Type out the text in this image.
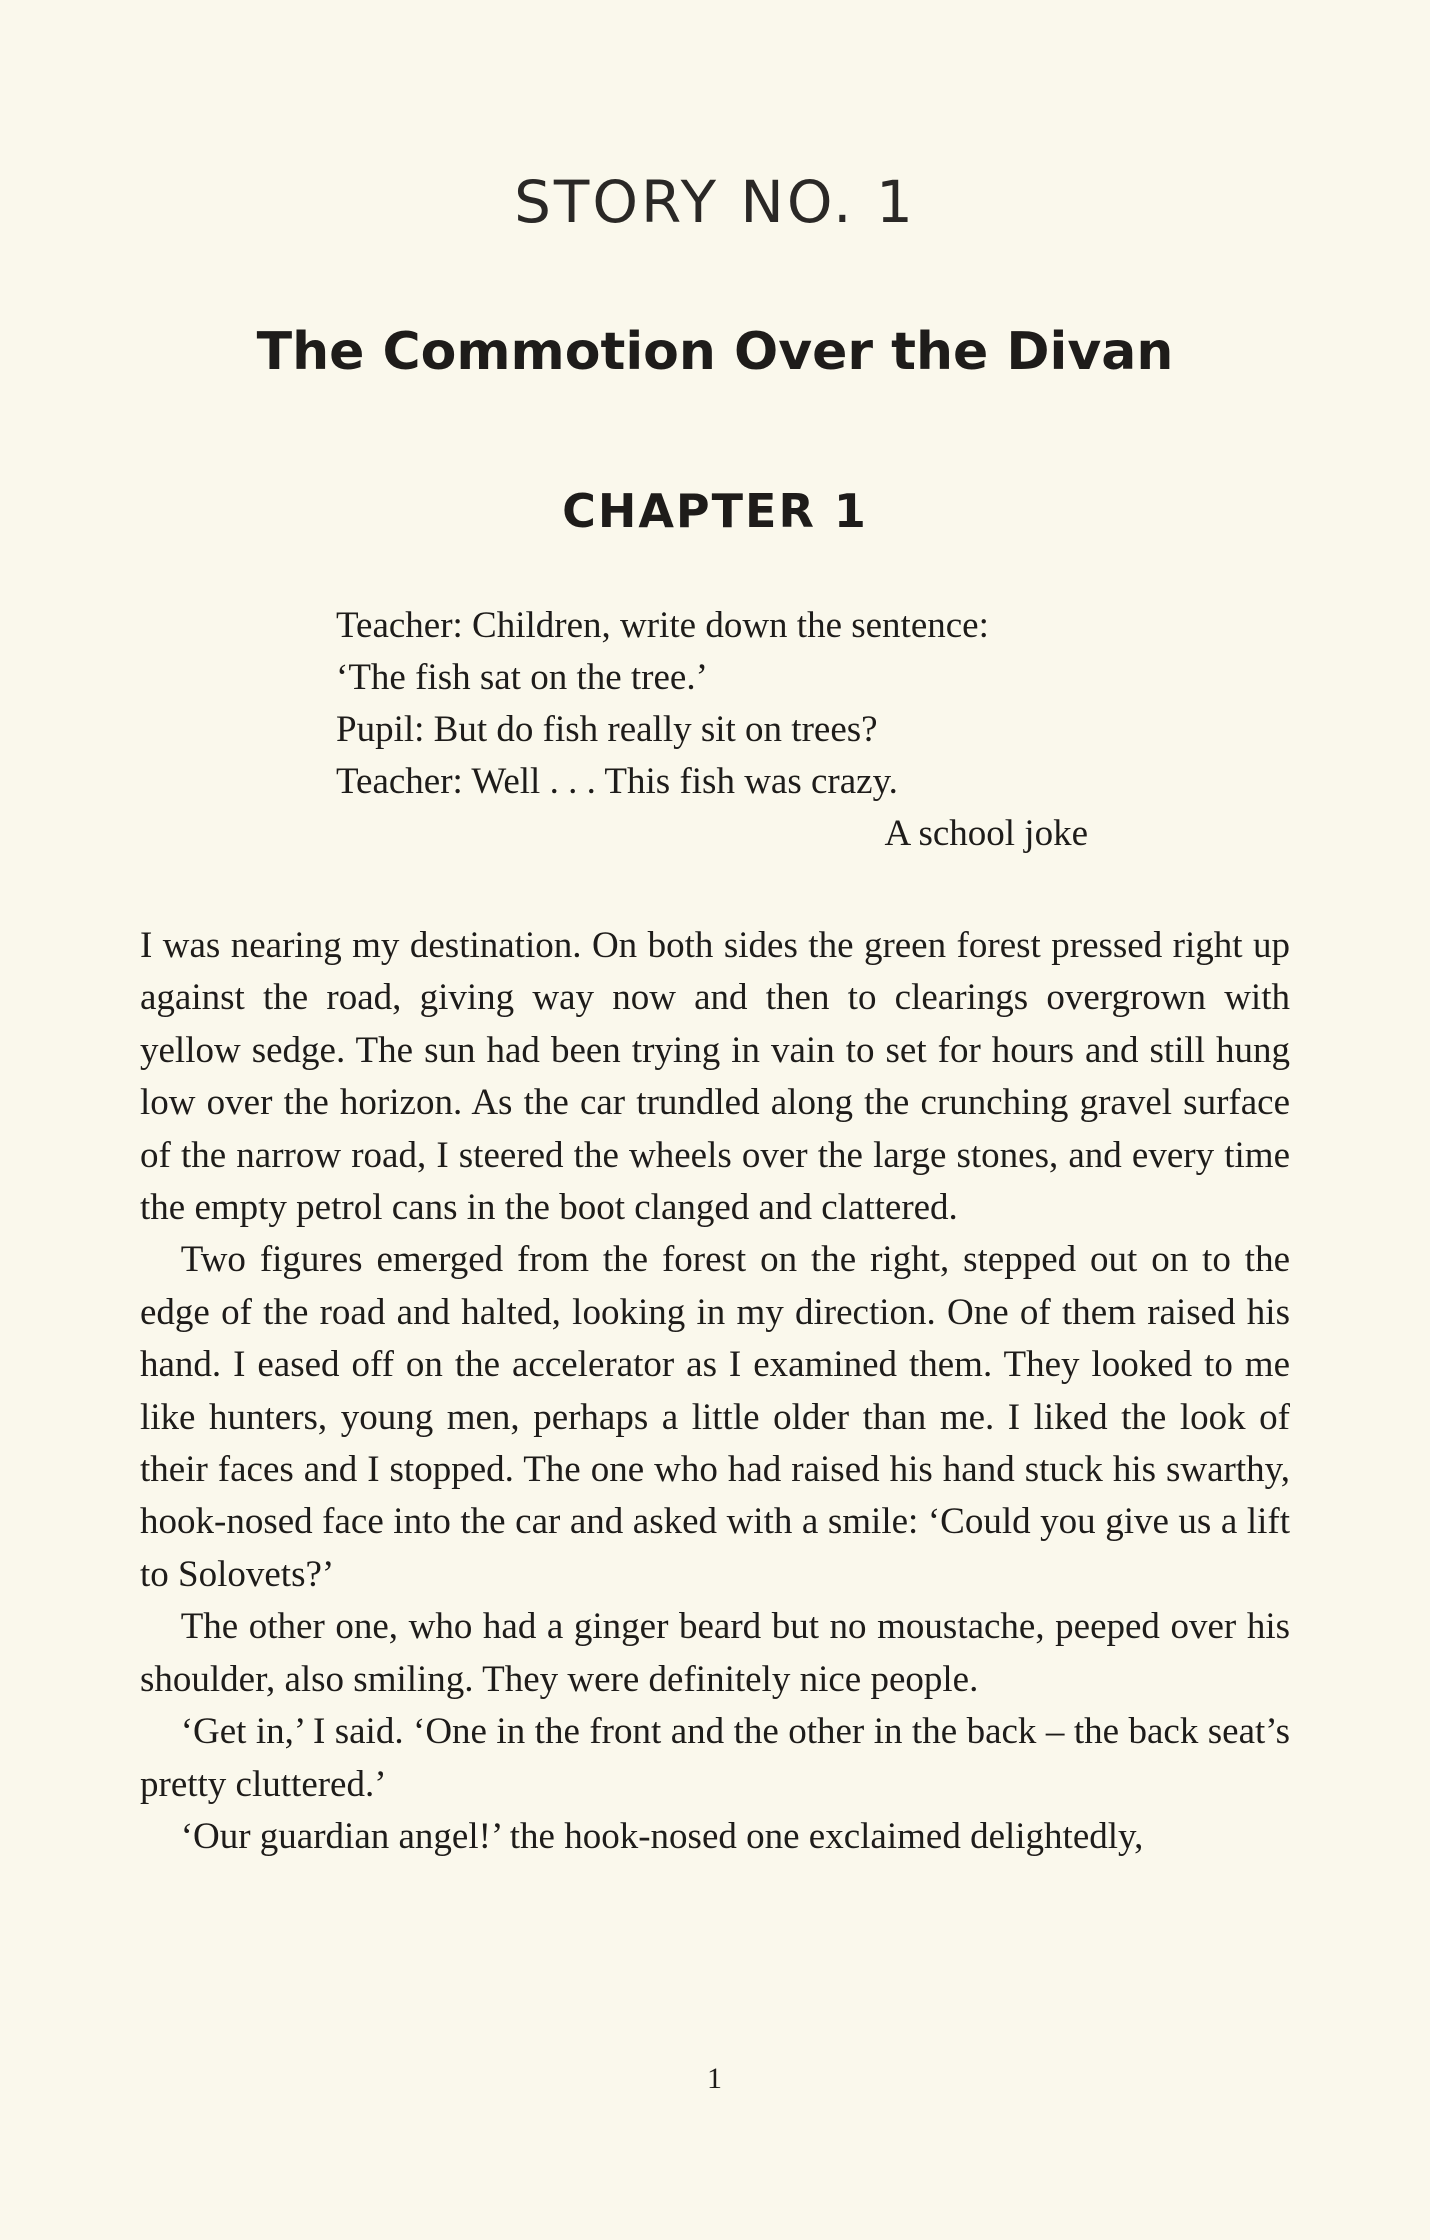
STORY NO. 1
The Commotion Over the Divan
CHAPTER 1
Teacher: Children, write down the sentence:
‘The fish sat on the tree.’
Pupil: But do fish really sit on trees?
Teacher: Well . . . This fish was crazy.
A school joke

I was nearing my destination. On both sides the green forest pressed right up against the road, giving way now and then to clearings overgrown with yellow sedge. The sun had been trying in vain to set for hours and still hung low over the horizon. As the car trundled along the crunching gravel surface of the narrow road, I steered the wheels over the large stones, and every time the empty petrol cans in the boot clanged and clattered.

Two figures emerged from the forest on the right, stepped out on to the edge of the road and halted, looking in my direction. One of them raised his hand. I eased off on the accelerator as I examined them. They looked to me like hunters, young men, perhaps a little older than me. I liked the look of their faces and I stopped. The one who had raised his hand stuck his swarthy, hook-nosed face into the car and asked with a smile: ‘Could you give us a lift to Solovets?’

The other one, who had a ginger beard but no moustache, peeped over his shoulder, also smiling. They were definitely nice people.

‘Get in,’ I said. ‘One in the front and the other in the back – the back seat’s pretty cluttered.’

‘Our guardian angel!’ the hook-nosed one exclaimed delightedly,

1
